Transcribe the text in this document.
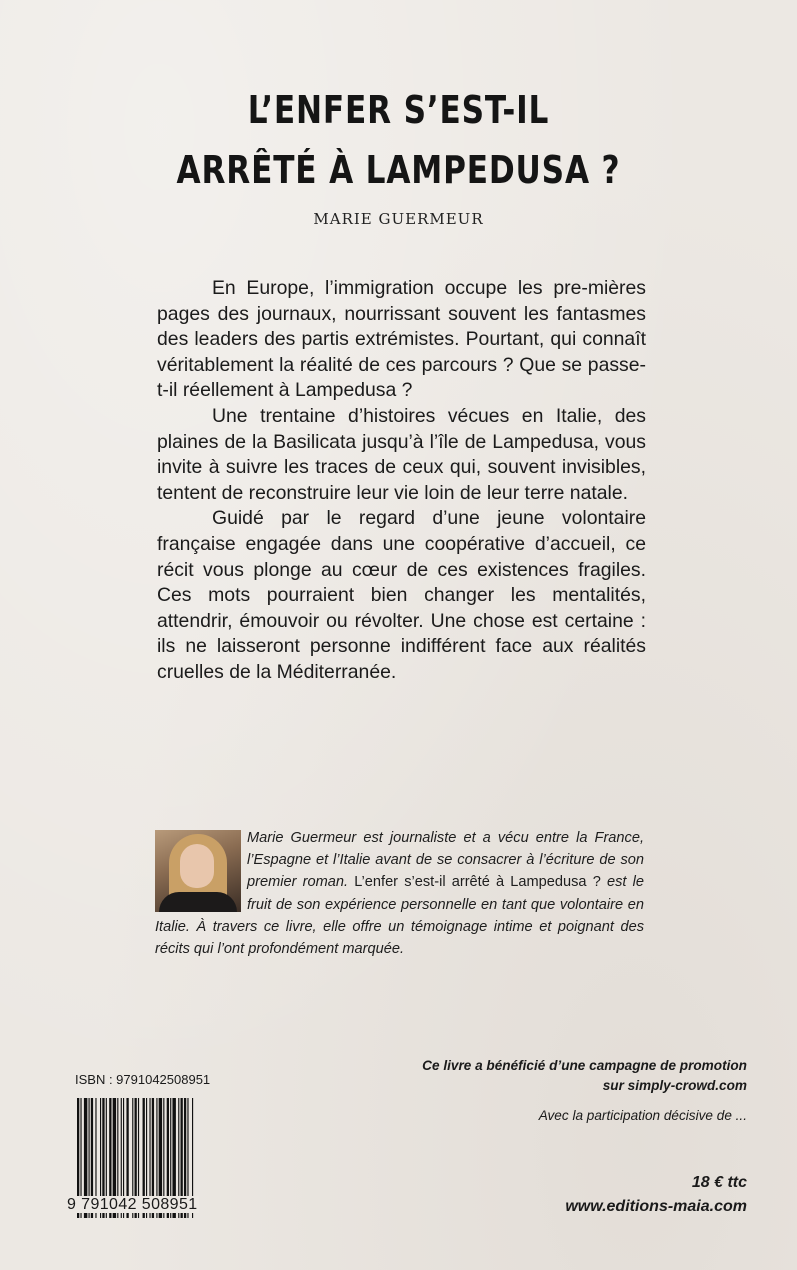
L’ENFER S’EST-IL
ARRÊTÉ À LAMPEDUSA ?
MARIE GUERMEUR

En Europe, l’immigration occupe les pre-mières pages des journaux, nourrissant souvent les fantasmes des leaders des partis extrémistes. Pourtant, qui connaît véritablement la réalité de ces parcours ? Que se passe-t-il réellement à Lampedusa ?

Une trentaine d’histoires vécues en Italie, des plaines de la Basilicata jusqu’à l’île de Lampedusa, vous invite à suivre les traces de ceux qui, souvent invisibles, tentent de reconstruire leur vie loin de leur terre natale.

Guidé par le regard d’une jeune volontaire française engagée dans une coopérative d’accueil, ce récit vous plonge au cœur de ces existences fragiles. Ces mots pourraient bien changer les mentalités, attendrir, émouvoir ou révolter. Une chose est certaine : ils ne laisseront personne indifférent face aux réalités cruelles de la Méditerranée.

Marie Guermeur est journaliste et a vécu entre la France, l’Espagne et l’Italie avant de se consacrer à l’écriture de son premier roman. L’enfer s’est-il arrêté à Lampedusa ? est le fruit de son expérience personnelle en tant que volontaire en Italie. À travers ce livre, elle offre un témoignage intime et poignant des récits qui l’ont profondément marquée.
ISBN : 9791042508951
9 791042 508951
Ce livre a bénéficié d’une campagne de promotion
sur simply-crowd.com
Avec la participation décisive de ...
18 € ttc
www.editions-maia.com
